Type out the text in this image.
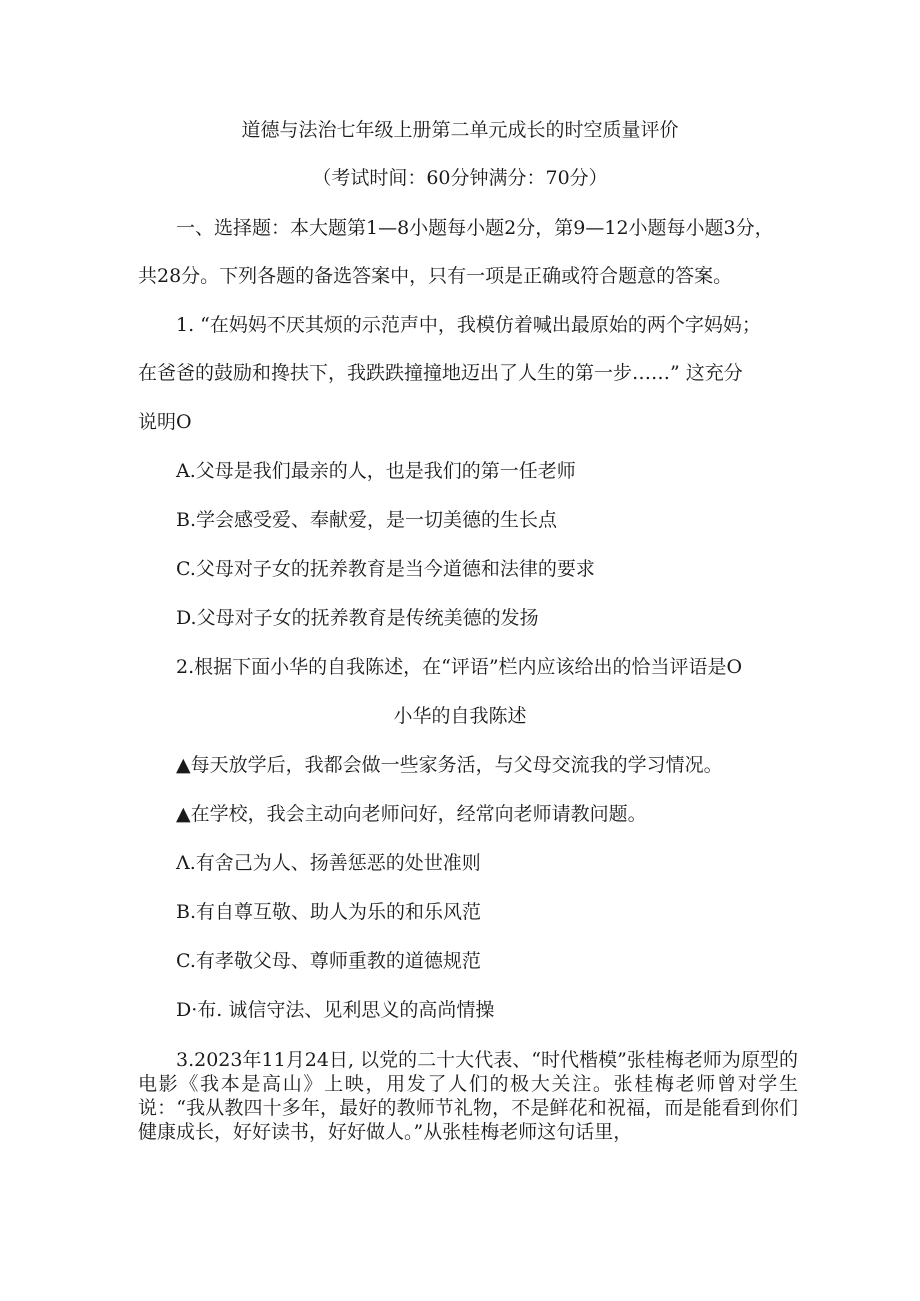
道德与法治七年级上册第二单元成长的时空质量评价
（考试时间：60分钟满分：70分）
一、选择题：本大题第1—8小题每小题2分，第9—12小题每小题3分，
共28分。下列各题的备选答案中，只有一项是正确或符合题意的答案。
1. “在妈妈不厌其烦的示范声中，我模仿着喊出最原始的两个字妈妈；
在爸爸的鼓励和搀扶下，我跌跌撞撞地迈出了人生的第一步……” 这充分
说明O
A.父母是我们最亲的人，也是我们的第一任老师
B.学会感受爱、奉献爱，是一切美德的生长点
C.父母对子女的抚养教育是当今道德和法律的要求
D.父母对子女的抚养教育是传统美德的发扬
2.根据下面小华的自我陈述，在“评语”栏内应该给出的恰当评语是O
小华的自我陈述
▲每天放学后，我都会做一些家务活，与父母交流我的学习情况。
▲在学校，我会主动向老师问好，经常向老师请教问题。
Λ.有舍己为人、扬善惩恶的处世准则
B.有自尊互敬、助人为乐的和乐风范
C.有孝敬父母、尊师重教的道德规范
D·布. 诚信守法、见利思义的高尚情操
3.2023年11月24日, 以党的二十大代表、“时代楷模”张桂梅老师为原型的电影《我本是高山》上映，用发了人们的极大关注。张桂梅老师曾对学生说：“我从教四十多年，最好的教师节礼物，不是鲜花和祝福，而是能看到你们健康成长，好好读书，好好做人。”从张桂梅老师这句话里，
